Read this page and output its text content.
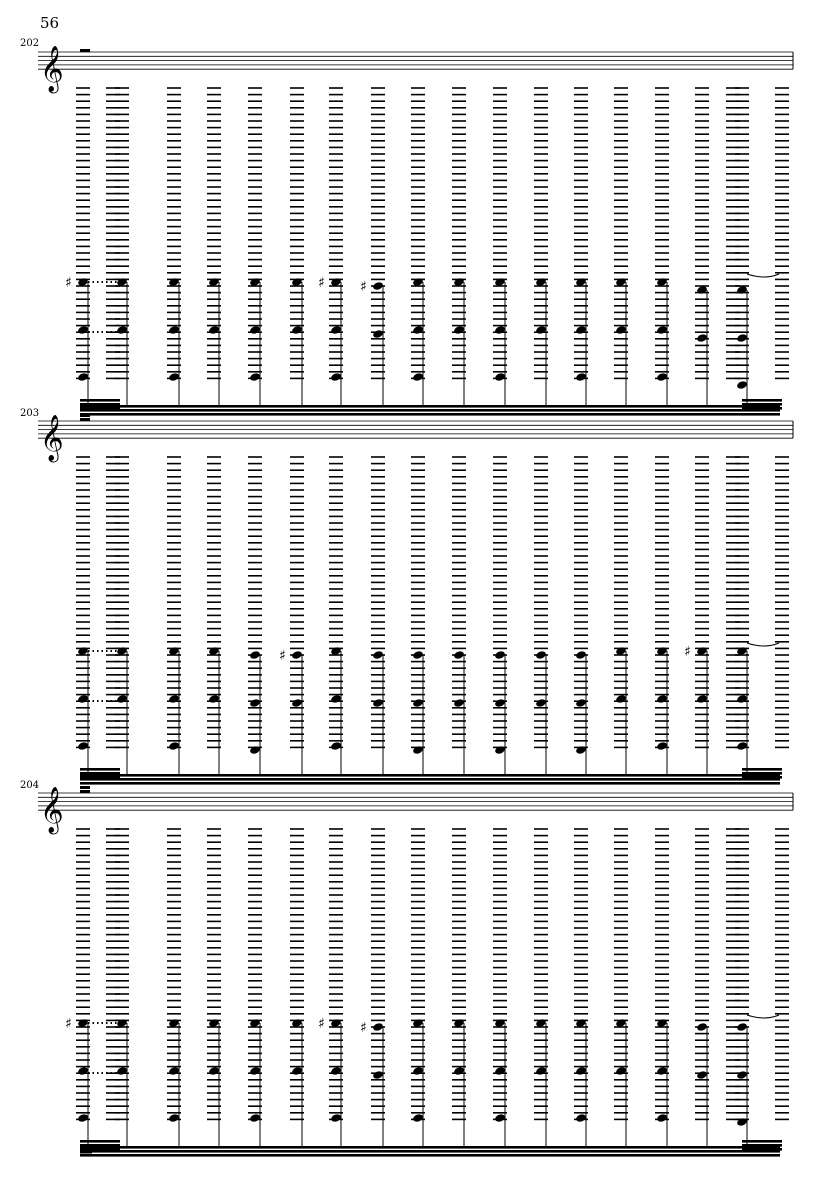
56
202
203
204
𝄞
♯	♯	♯
𝄞
♯	♯
𝄞
♯	♯	♯
